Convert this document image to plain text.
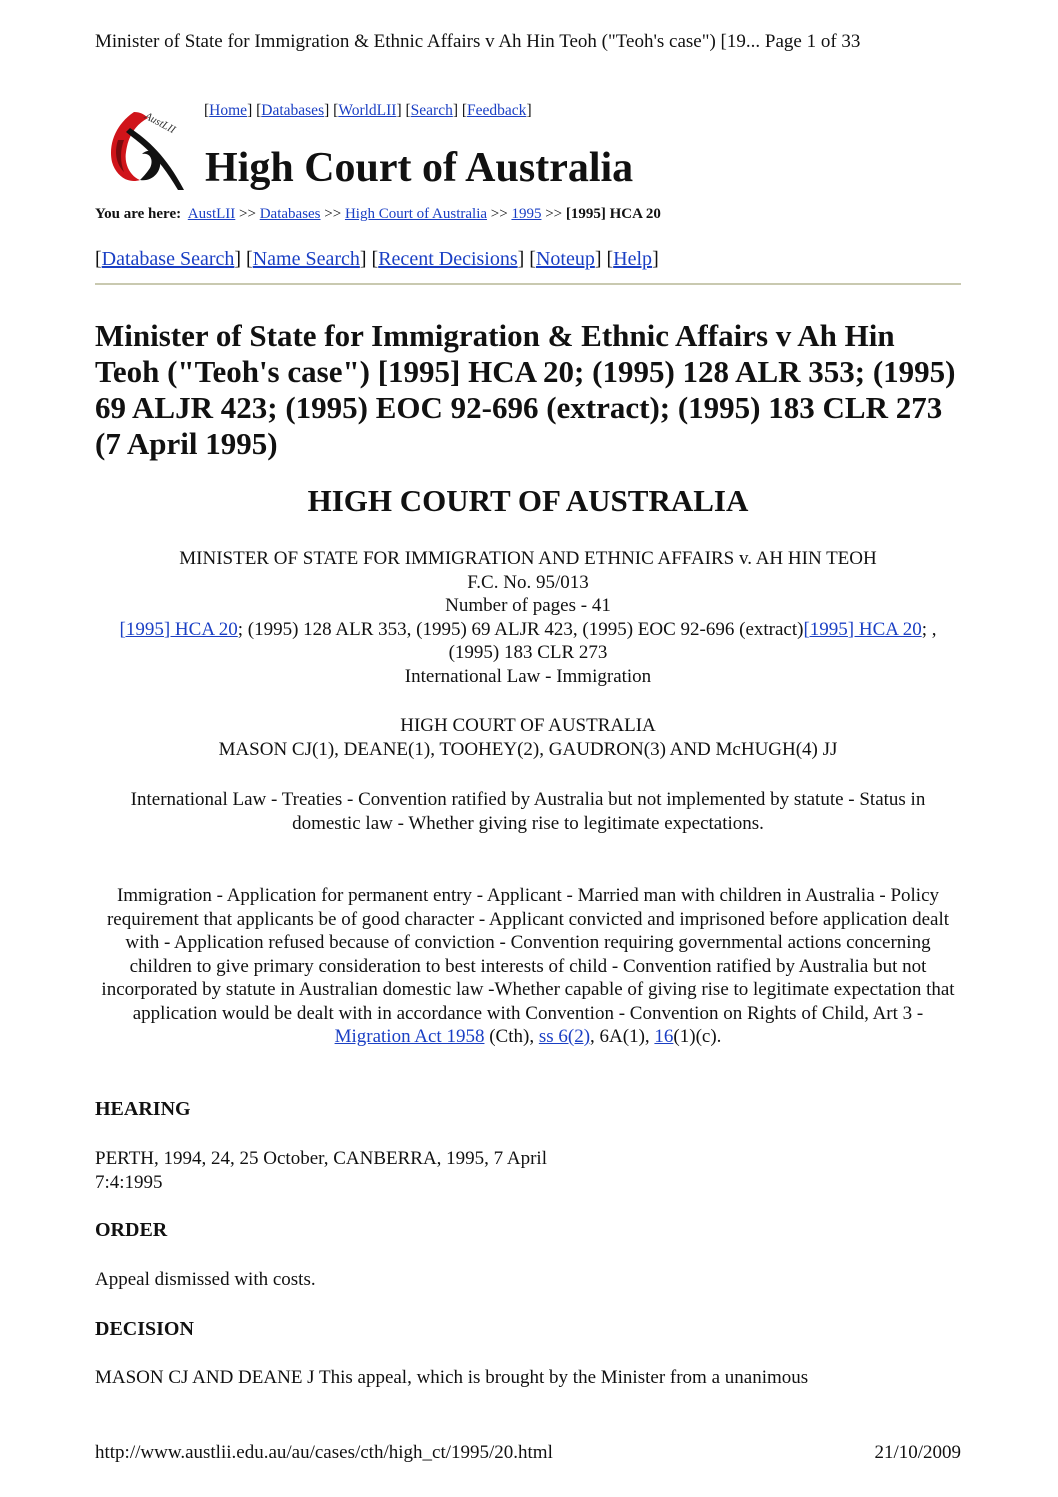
Minister of State for Immigration & Ethnic Affairs v Ah Hin Teoh ("Teoh's case") [19... Page 1 of 33
AustLII [Home] [Databases] [WorldLII] [Search] [Feedback]
High Court of Australia
You are here: AustLII >> Databases >> High Court of Australia >> 1995 >> [1995] HCA 20
[Database Search] [Name Search] [Recent Decisions] [Noteup] [Help]
Minister of State for Immigration & Ethnic Affairs v Ah Hin Teoh ("Teoh's case") [1995] HCA 20; (1995) 128 ALR 353; (1995) 69 ALJR 423; (1995) EOC 92-696 (extract); (1995) 183 CLR 273 (7 April 1995)
HIGH COURT OF AUSTRALIA
MINISTER OF STATE FOR IMMIGRATION AND ETHNIC AFFAIRS v. AH HIN TEOH
F.C. No. 95/013
Number of pages - 41
[1995] HCA 20; (1995) 128 ALR 353, (1995) 69 ALJR 423, (1995) EOC 92-696 (extract)[1995] HCA 20; , (1995) 183 CLR 273
International Law - Immigration
HIGH COURT OF AUSTRALIA
MASON CJ(1), DEANE(1), TOOHEY(2), GAUDRON(3) AND McHUGH(4) JJ
International Law - Treaties - Convention ratified by Australia but not implemented by statute - Status in domestic law - Whether giving rise to legitimate expectations.
Immigration - Application for permanent entry - Applicant - Married man with children in Australia - Policy requirement that applicants be of good character - Applicant convicted and imprisoned before application dealt with - Application refused because of conviction - Convention requiring governmental actions concerning children to give primary consideration to best interests of child - Convention ratified by Australia but not incorporated by statute in Australian domestic law -Whether capable of giving rise to legitimate expectation that application would be dealt with in accordance with Convention - Convention on Rights of Child, Art 3 - Migration Act 1958 (Cth), ss 6(2), 6A(1), 16(1)(c).
HEARING
PERTH, 1994, 24, 25 October, CANBERRA, 1995, 7 April
7:4:1995
ORDER
Appeal dismissed with costs.
DECISION
MASON CJ AND DEANE J This appeal, which is brought by the Minister from a unanimous
http://www.austlii.edu.au/au/cases/cth/high_ct/1995/20.html	21/10/2009
